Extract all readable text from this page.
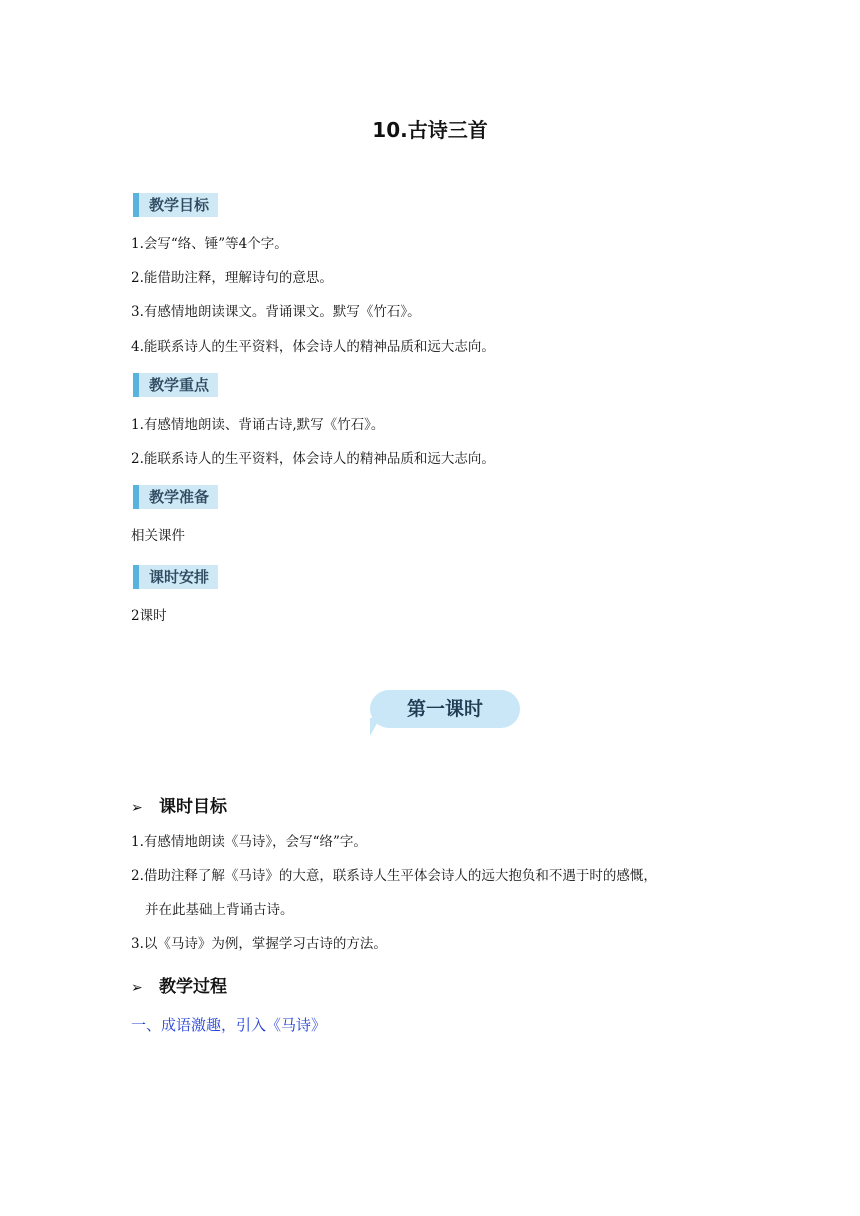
10.古诗三首
教学目标
1.会写“络、锤”等4个字。
2.能借助注释，理解诗句的意思。
3.有感情地朗读课文。背诵课文。默写《竹石》。
4.能联系诗人的生平资料，体会诗人的精神品质和远大志向。
教学重点
1.有感情地朗读、背诵古诗,默写《竹石》。
2.能联系诗人的生平资料，体会诗人的精神品质和远大志向。
教学准备
相关课件
课时安排
2课时
第一课时
➢ 课时目标
1.有感情地朗读《马诗》，会写“络”字。
2.借助注释了解《马诗》的大意，联系诗人生平体会诗人的远大抱负和不遇于时的感慨，
并在此基础上背诵古诗。
3.以《马诗》为例，掌握学习古诗的方法。
➢ 教学过程
一、成语激趣，引入《马诗》
